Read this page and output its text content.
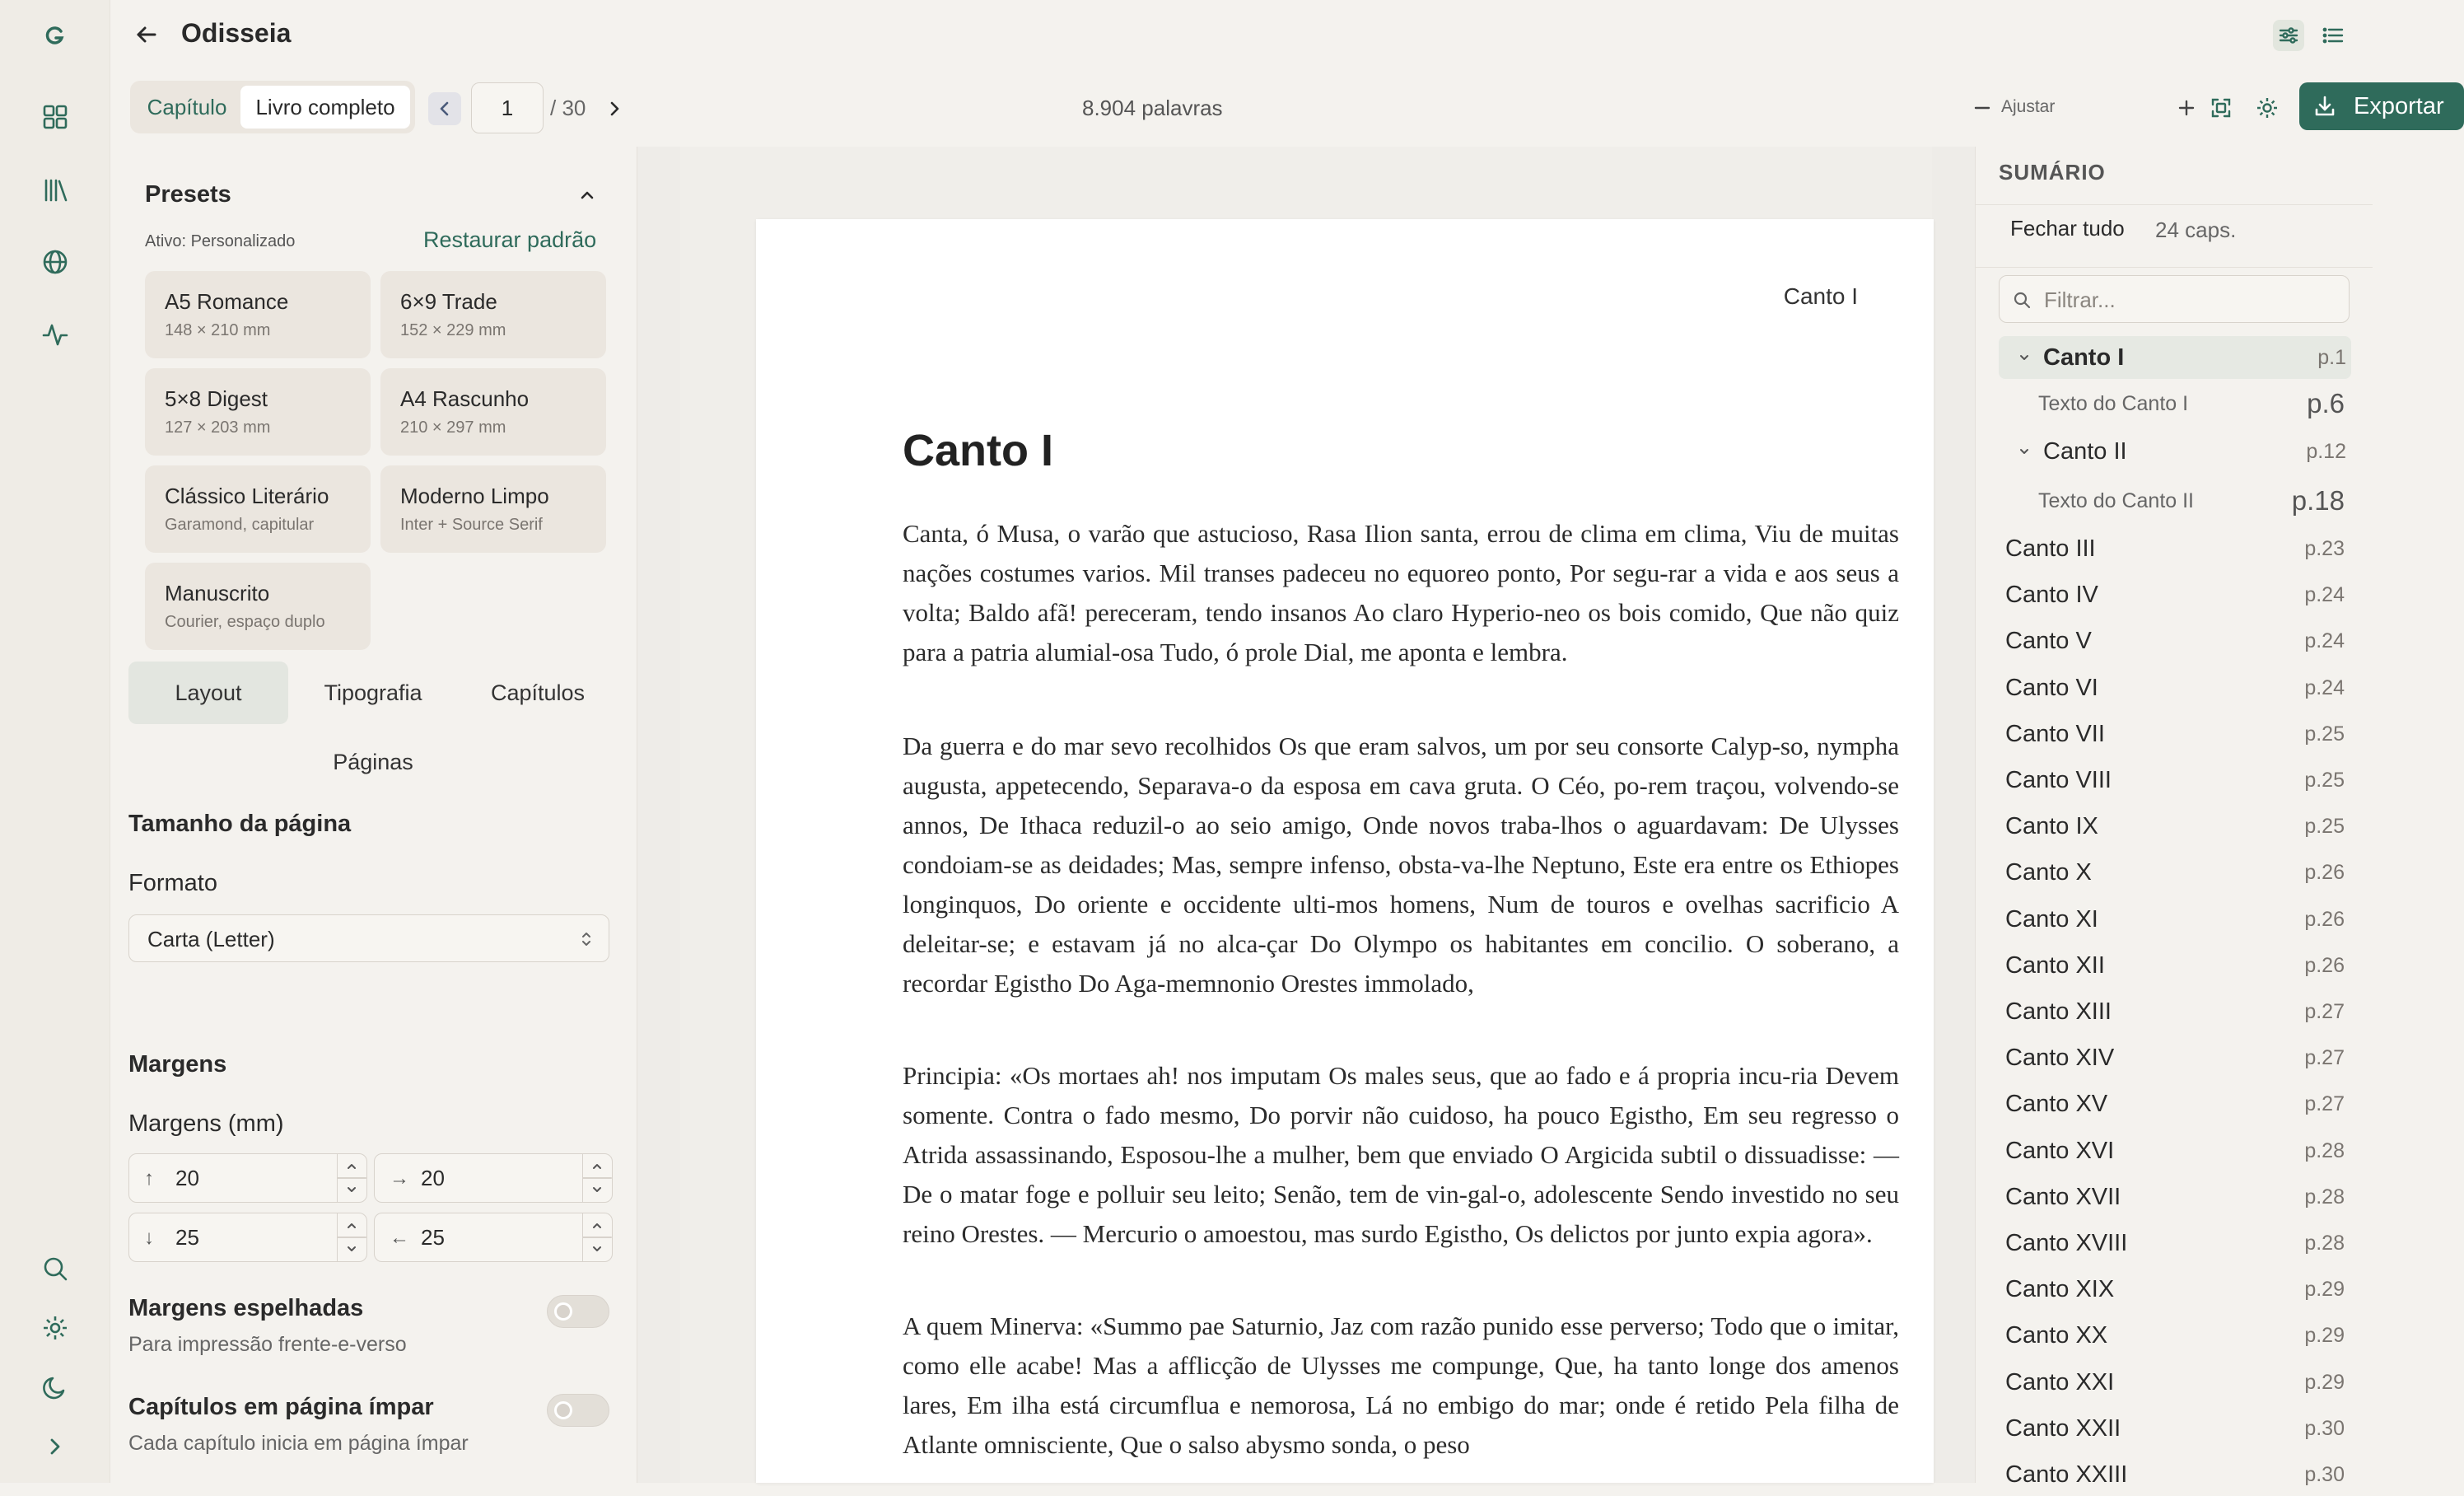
Odisseia
Capítulo	Livro completo	1	/ 30	8.904 palavras	Ajustar	Exportar
Presets
Ativo: Personalizado	Restaurar padrão
A5 Romance
148 × 210 mm
6×9 Trade
152 × 229 mm
5×8 Digest
127 × 203 mm
A4 Rascunho
210 × 297 mm
Clássico Literário
Garamond, capitular
Moderno Limpo
Inter + Source Serif
Manuscrito
Courier, espaço duplo
Layout	Tipografia	Capítulos
Páginas
Tamanho da página
Formato
Carta (Letter)
Margens
Margens (mm)
↑ 20	→ 20
↓ 25	← 25
Margens espelhadas
Para impressão frente-e-verso
Capítulos em página ímpar
Cada capítulo inicia em página ímpar
Canto I
Canto I
Canta, ó Musa, o varão que astucioso, Rasa Ilion santa, errou de clima em clima, Viu de muitas nações costumes varios. Mil transes padeceu no equoreo ponto, Por segu-rar a vida e aos seus a volta; Baldo afã! pereceram, tendo insanos Ao claro Hyperio-neo os bois comido, Que não quiz para a patria alumial-osa Tudo, ó prole Dial, me aponta e lembra.
Da guerra e do mar sevo recolhidos Os que eram salvos, um por seu consorte Calyp-so, nympha augusta, appetecendo, Separava-o da esposa em cava gruta. O Céo, po-rem traçou, volvendo-se annos, De Ithaca reduzil-o ao seio amigo, Onde novos traba-lhos o aguardavam: De Ulysses condoiam-se as deidades; Mas, sempre infenso, obsta-va-lhe Neptuno, Este era entre os Ethiopes longinquos, Do oriente e occidente ulti-mos homens, Num de touros e ovelhas sacrificio A deleitar-se; e estavam já no alca-çar Do Olympo os habitantes em concilio. O soberano, a recordar Egistho Do Aga-memnonio Orestes immolado,
Principia: «Os mortaes ah! nos imputam Os males seus, que ao fado e á propria incu-ria Devem somente. Contra o fado mesmo, Do porvir não cuidoso, ha pouco Egistho, Em seu regresso o Atrida assassinando, Esposou-lhe a mulher, bem que enviado O Argicida subtil o dissuadisse: — De o matar foge e polluir seu leito; Senão, tem de vin-gal-o, adolescente Sendo investido no seu reino Orestes. — Mercurio o amoestou, mas surdo Egistho, Os delictos por junto expia agora».
A quem Minerva: «Summo pae Saturnio, Jaz com razão punido esse perverso; Todo que o imitar, como elle acabe! Mas a afflicção de Ulysses me compunge, Que, ha tanto longe dos amenos lares, Em ilha está circumflua e nemorosa, Lá no embigo do mar; onde é retido Pela filha de Atlante omnisciente, Que o salso abysmo sonda, o peso
SUMÁRIO
Fechar tudo 24 caps.
Filtrar...
Canto I	p.1
Texto do Canto I	p.6
Canto II	p.12
Texto do Canto II	p.18
Canto III	p.23
Canto IV	p.24
Canto V	p.24
Canto VI	p.24
Canto VII	p.25
Canto VIII	p.25
Canto IX	p.25
Canto X	p.26
Canto XI	p.26
Canto XII	p.26
Canto XIII	p.27
Canto XIV	p.27
Canto XV	p.27
Canto XVI	p.28
Canto XVII	p.28
Canto XVIII	p.28
Canto XIX	p.29
Canto XX	p.29
Canto XXI	p.29
Canto XXII	p.30
Canto XXIII	p.30
